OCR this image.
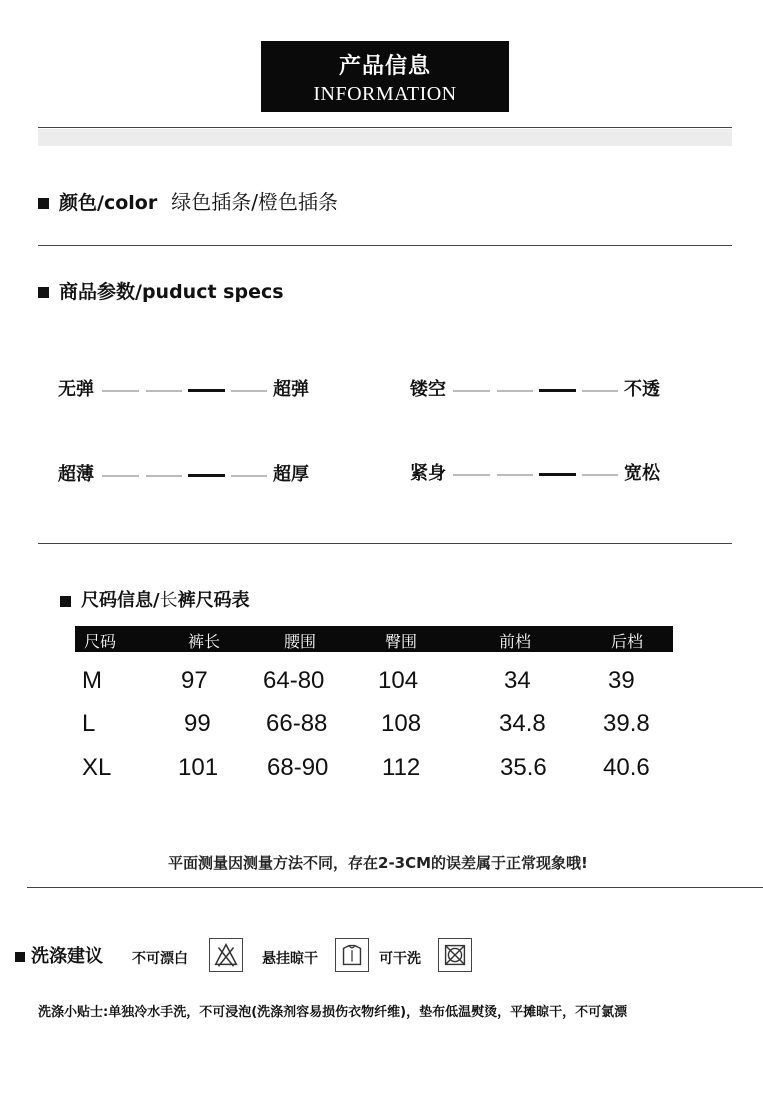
产品信息
INFORMATION
颜色/color 绿色插条/橙色插条
商品参数/puduct specs
无弹	超弹	镂空	不透
超薄	超厚	紧身	宽松
尺码信息/长裤尺码表
尺码	裤长	腰围	臀围	前档	后档
M	97 64-80 104	34	39
L	99 66-88 108	34.8 39.8
XL	101 68-90 112	35.6 40.6
平面测量因测量方法不同，存在2-3CM的误差属于正常现象哦!
洗涤建议 不可漂白	悬挂晾干	可干洗
洗涤小贴士:单独冷水手洗，不可浸泡(洗涤剂容易损伤衣物纤维)，垫布低温熨烫，平摊晾干，不可氯漂
